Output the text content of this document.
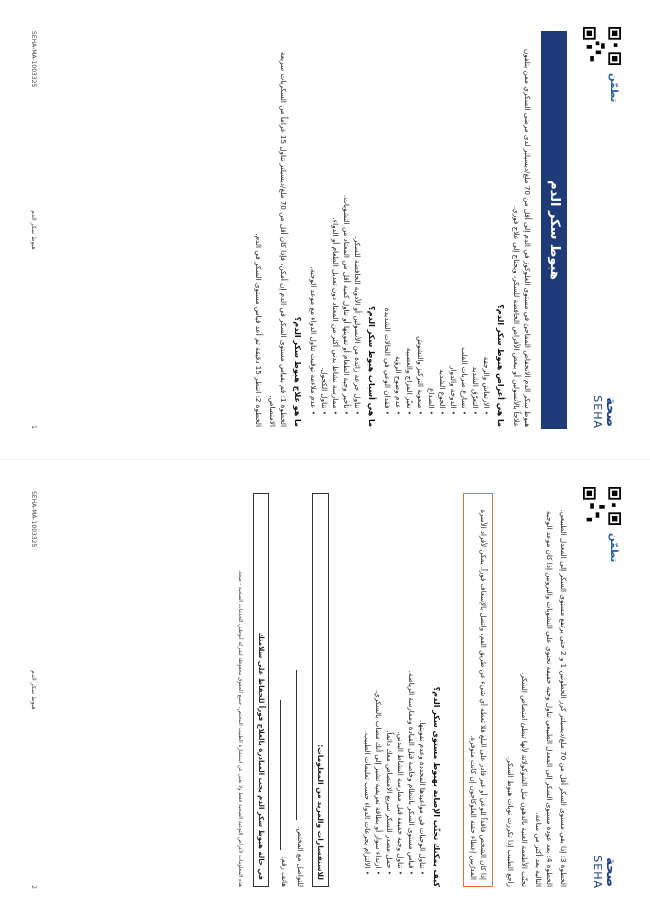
تطمّن
صحة
SEHA
هبوط سكر الدم

هبوط سكر الدم الانخفاض المفاجئ في مستوى الغلوكوز في الدم إلى أقل من 70 ملغ/ديسيلتر لدى مرضى السكري ممن يتلقون علاجاً بالأنسولين أو ببعض الأقراص الخافضة للسكر، ويحتاج إلى علاج فوري.

ما هي أعراض هبوط سكر الدم؟
• الارتعاش والرجفة
• التعرّق الشديد
• تسارع ضربات القلب
• الدوخة والدوار
• الجوع الشديد
• الصداع
• صعوبة التركيز والتشوش
• تغيّر المزاج والعصبية
• عدم وضوح الرؤية
• فقدان الوعي في الحالات الشديدة
ما هي أسباب هبوط سكر الدم؟
• تناول جرعة زائدة من الأنسولين أو الأدوية الخافضة للسكر.
• تأخير وجبة الطعام أو تفويتها أو تناول كمية أقل من المعتاد من النشويات.
• ممارسة نشاط بدني أكثر من المعتاد دون تعديل الطعام أو الدواء.
• تناول الكحول.
• عدم ملاءمة توقيت تناول الدواء مع موعد الوجبة.
ما هو علاج هبوط سكر الدم؟

الخطوة 1: قم بقياس مستوى السكر في الدم إن أمكن، فإذا كان أقل من 70 ملغ/ديسيلتر تناول 15 غراماً من السكريات سريعة الامتصاص.

الخطوة 2: انتظر 15 دقيقة ثم أعد قياس مستوى السكر في الدم.

SEHA-MA-1003325
هبوط سكر الدم
1
تطمّن
صحة
SEHA

الخطوة 3: إذا بقي مستوى السكر أقل من 70 ملغ/ديسيلتر كرر الخطوتين 1 و 2 حتى يرتفع مستوى السكر إلى المعدل الطبيعي.

الخطوة 4: بعد عودة مستوى السكر إلى المعدل الطبيعي تناول وجبة خفيفة تحتوي على النشويات والبروتين إذا كان موعد الوجبة التالية بعد أكثر من ساعة.

تجنّب الأطعمة الغنية بالدهون مثل الشوكولاتة لأنها تبطئ امتصاص السكر.

راجع الطبيب إذا تكررت نوبات هبوط السكر.

إذا كان الشخص فاقداً للوعي أو غير قادر على البلع فلا تعطه أي شيء عن طريق الفم، واتصل بالإسعاف فوراً. يمكن لأفراد الأسرة المدرّبين إعطاء حقنة الغلوكاجون إن كانت متوفرة.
كيف يمكنك تجنّب الإصابة بهبوط مستوى سكر الدم؟
• تناول الوجبات في مواعيدها المحددة وعدم تفويتها.
• قياس مستوى السكر بانتظام وخاصة قبل القيادة وممارسة الرياضة.
• تناول وجبة خفيفة قبل ممارسة النشاط البدني.
• حمل مصدر للسكر سريع الامتصاص معك دائماً.
• ارتداء سوار أو بطاقة تعريفية تشير إلى أنك مصاب بالسكري.
• الالتزام بجرعات الدواء حسب تعليمات الطبيب.
للاستفسارات والمزيد من المعلومات:
للتواصل مع المختص:
هاتف رقم:
في حالة هبوط سكر الدم يجب المبادرة بالعلاج فوراً للحفاظ على سلامتك
هذه المعلومات لأغراض التوعية الصحية فقط ولا تغني عن استشارة الطبيب المختص. جميع الحقوق محفوظة لشركة أبوظبي للخدمات الصحية - صحة.
SEHA-MA-1003325
هبوط سكر الدم
2
